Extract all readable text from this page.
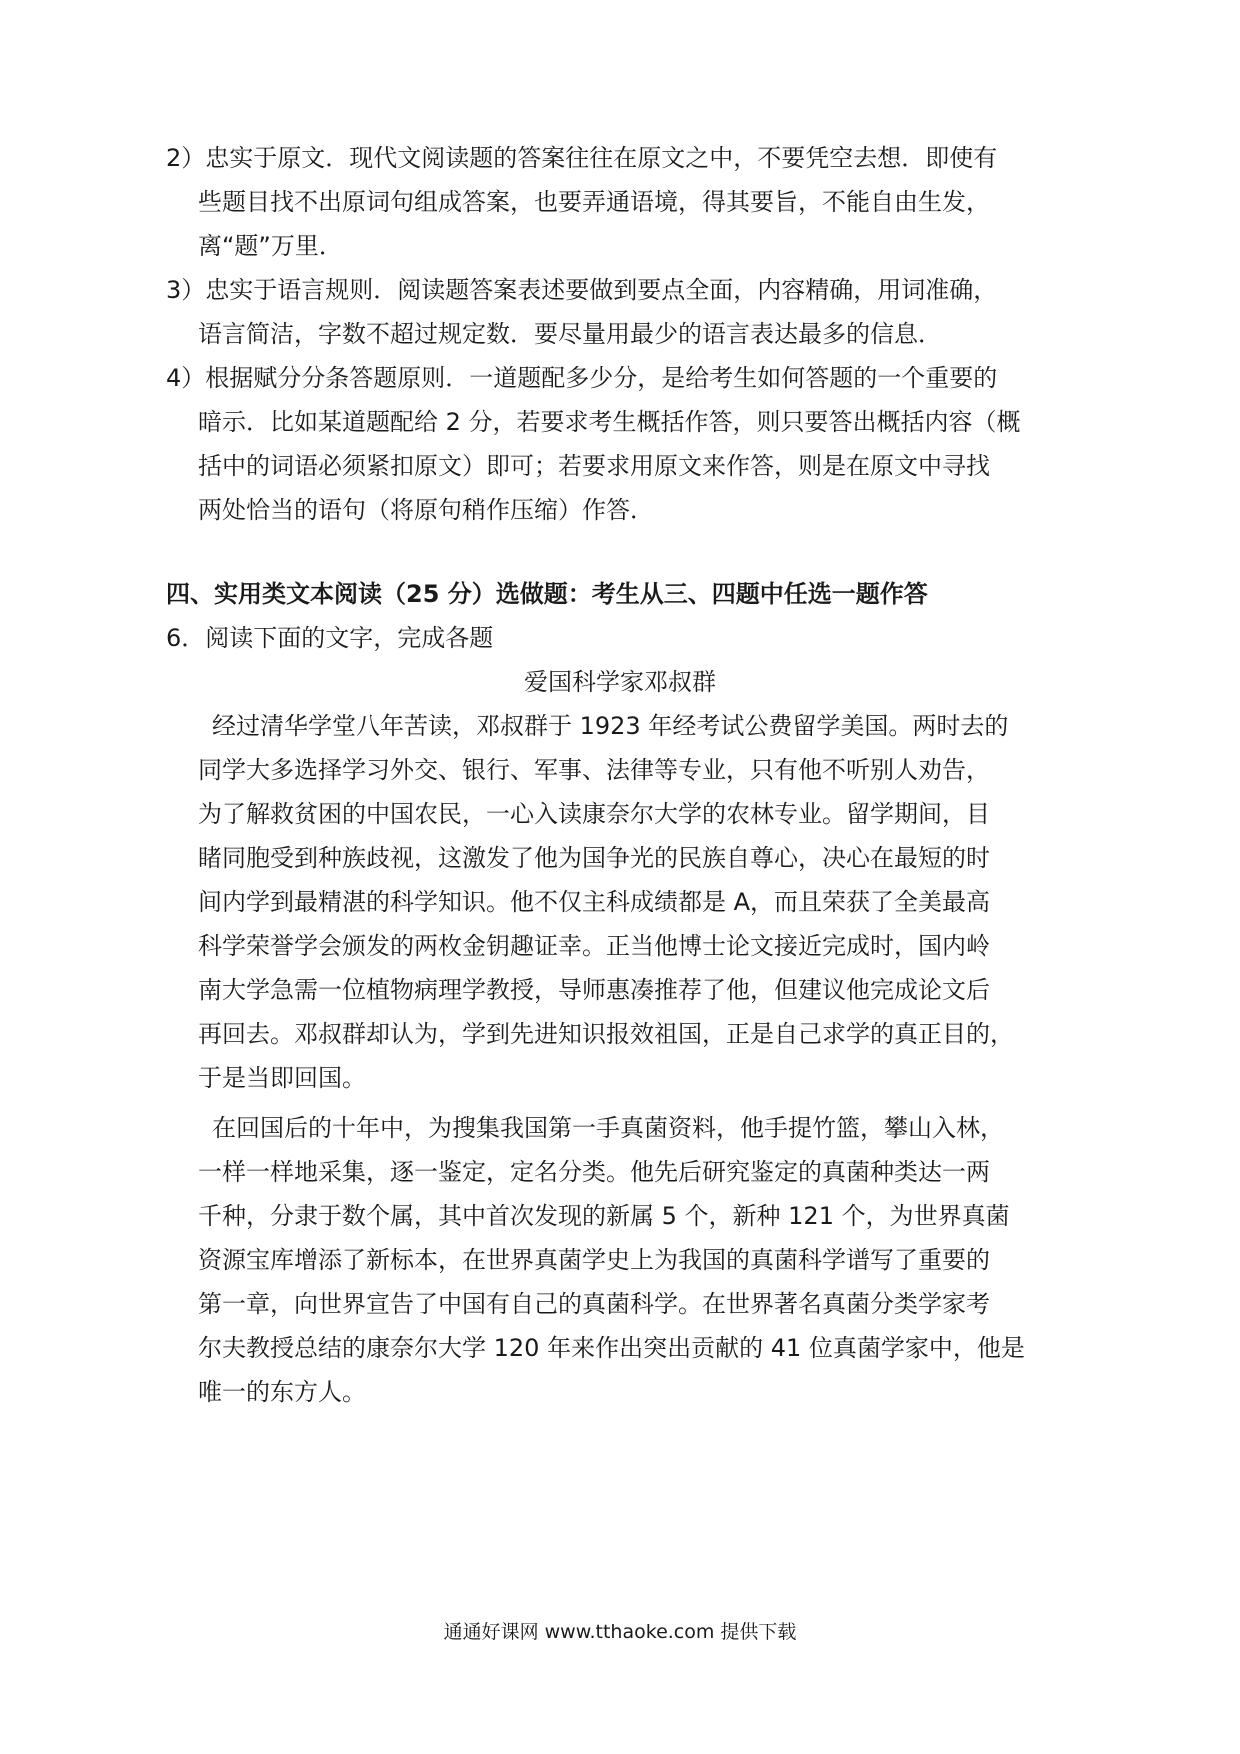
2）忠实于原文．现代文阅读题的答案往往在原文之中，不要凭空去想．即使有

些题目找不出原词句组成答案，也要弄通语境，得其要旨，不能自由生发，

离“题”万里．

3）忠实于语言规则．阅读题答案表述要做到要点全面，内容精确，用词准确，

语言简洁，字数不超过规定数．要尽量用最少的语言表达最多的信息．

4）根据赋分分条答题原则．一道题配多少分，是给考生如何答题的一个重要的

暗示．比如某道题配给 2 分，若要求考生概括作答，则只要答出概括内容（概

括中的词语必须紧扣原文）即可；若要求用原文来作答，则是在原文中寻找

两处恰当的语句（将原句稍作压缩）作答．

四、实用类文本阅读（25 分）选做题：考生从三、四题中任选一题作答

6．阅读下面的文字，完成各题

爱国科学家邓叔群

经过清华学堂八年苦读，邓叔群于 1923 年经考试公费留学美国。两时去的

同学大多选择学习外交、银行、军事、法律等专业，只有他不听别人劝告，

为了解救贫困的中国农民，一心入读康奈尔大学的农林专业。留学期间，目

睹同胞受到种族歧视，这激发了他为国争光的民族自尊心，决心在最短的时

间内学到最精湛的科学知识。他不仅主科成绩都是 A，而且荣获了全美最高

科学荣誉学会颁发的两枚金钥趣证幸。正当他博士论文接近完成时，国内岭

南大学急需一位植物病理学教授，导师惠凑推荐了他，但建议他完成论文后

再回去。邓叔群却认为，学到先进知识报效祖国，正是自己求学的真正目的，

于是当即回国。

在回国后的十年中，为搜集我国第一手真菌资料，他手提竹篮，攀山入林，

一样一样地采集，逐一鉴定，定名分类。他先后研究鉴定的真菌种类达一两

千种，分隶于数个属，其中首次发现的新属 5 个，新种 121 个，为世界真菌

资源宝库增添了新标本，在世界真菌学史上为我国的真菌科学谱写了重要的

第一章，向世界宣告了中国有自己的真菌科学。在世界著名真菌分类学家考

尔夫教授总结的康奈尔大学 120 年来作出突出贡献的 41 位真菌学家中，他是

唯一的东方人。

通通好课网 www.tthaoke.com 提供下载
